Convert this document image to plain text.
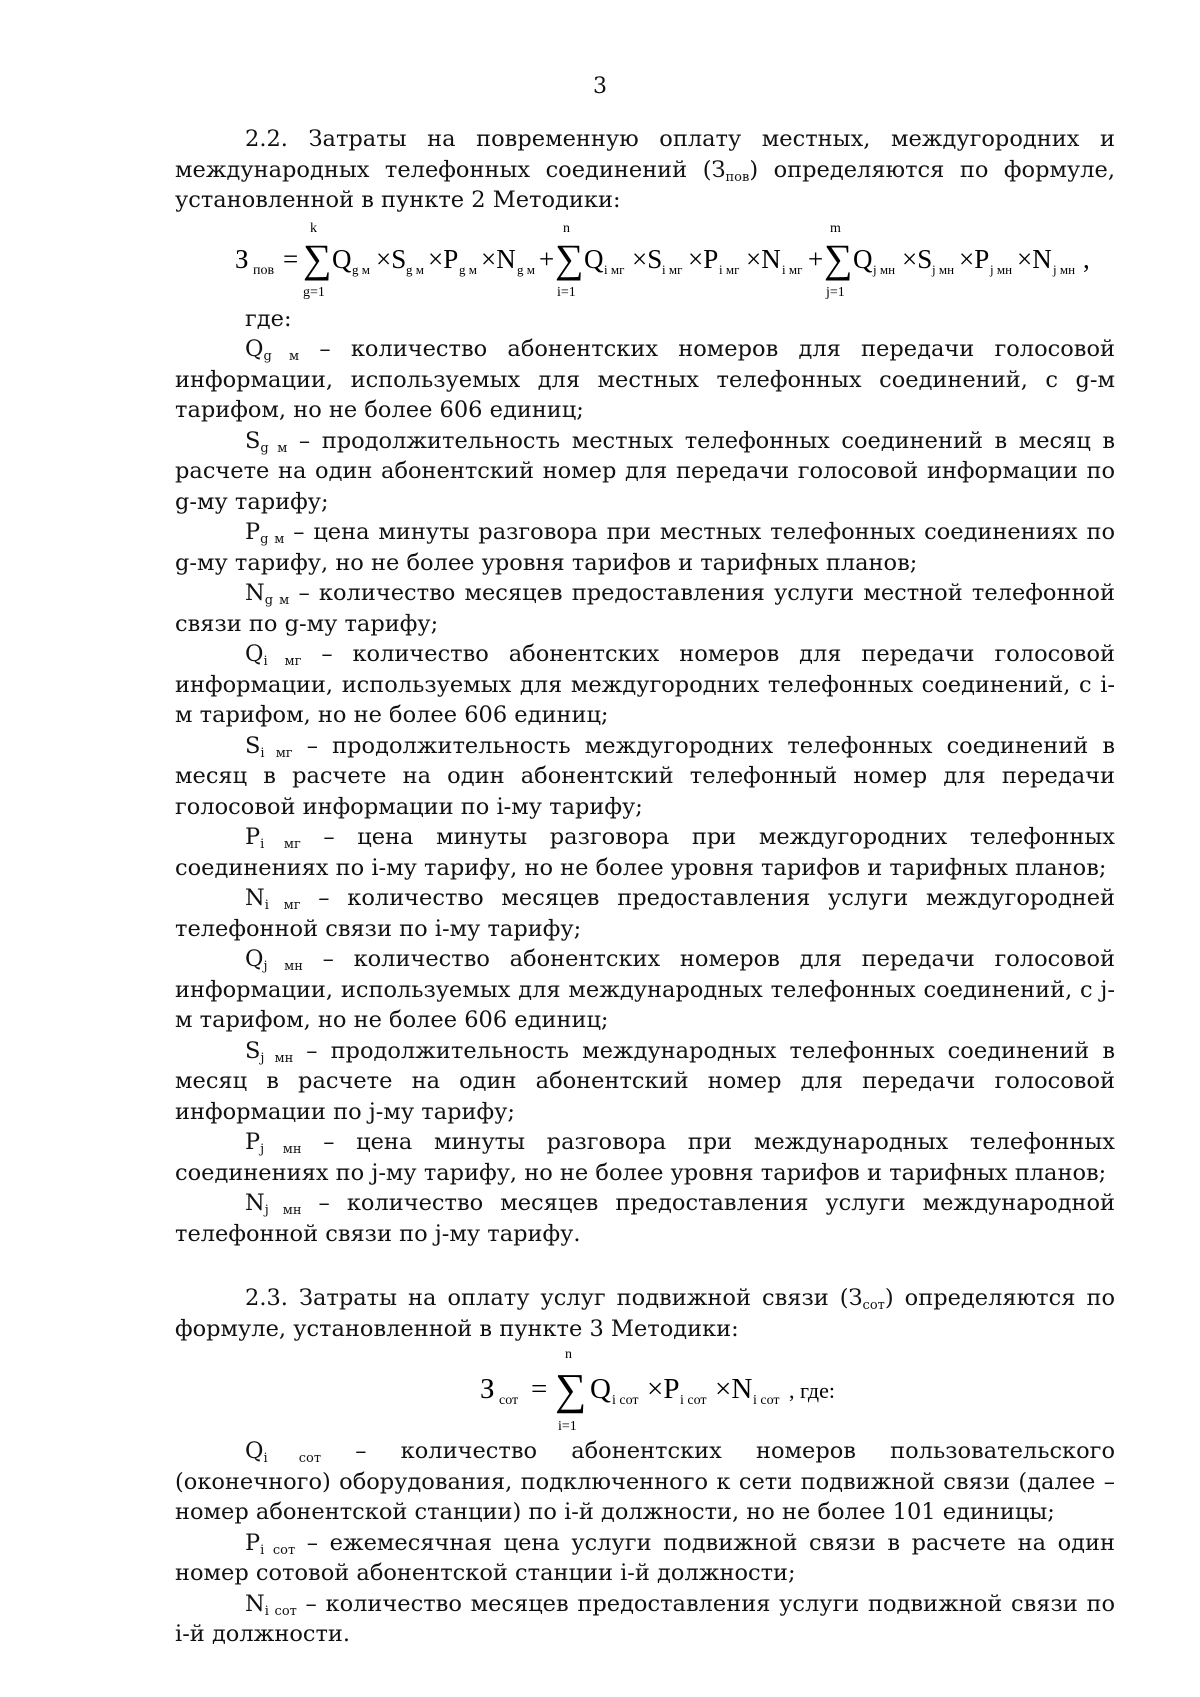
3

2.2. Затраты на повременную оплату местных, междугородних и международных телефонных соединений $(З_{пов})$ определяются по формуле, установленной в пункте 2 Методики:

З пов = ∑
k
g=1
Q g м ×S g м ×P g м ×N g м + ∑
n
i=1
Q i мг ×S i мг ×P i мг ×N i мг + ∑
m
j=1
Q j мн ×S j мн ×P j мн ×N j мн ,

где:

$Q_{g м}$ – количество абонентских номеров для передачи голосовой информации, используемых для местных телефонных соединений, с g-м тарифом, но не более 606 единиц;

$S_{g м}$ – продолжительность местных телефонных соединений в месяц в расчете на один абонентский номер для передачи голосовой информации по g-му тарифу;

$P_{g м}$ – цена минуты разговора при местных телефонных соединениях по g-му тарифу, но не более уровня тарифов и тарифных планов;

$N_{g м}$ – количество месяцев предоставления услуги местной телефонной связи по g-му тарифу;

$Q_{i мг}$ – количество абонентских номеров для передачи голосовой информации, используемых для междугородних телефонных соединений, с i-м тарифом, но не более 606 единиц;

$S_{i мг}$ – продолжительность междугородних телефонных соединений в месяц в расчете на один абонентский телефонный номер для передачи голосовой информации по i-му тарифу;

$P_{i мг}$ – цена минуты разговора при междугородних телефонных соединениях по i-му тарифу, но не более уровня тарифов и тарифных планов;

$N_{i мг}$ – количество месяцев предоставления услуги междугородней телефонной связи по i-му тарифу;

$Q_{j мн}$ – количество абонентских номеров для передачи голосовой информации, используемых для международных телефонных соединений, с j-м тарифом, но не более 606 единиц;

$S_{j мн}$ – продолжительность международных телефонных соединений в месяц в расчете на один абонентский номер для передачи голосовой информации по j-му тарифу;

$P_{j мн}$ – цена минуты разговора при международных телефонных соединениях по j-му тарифу, но не более уровня тарифов и тарифных планов;

$N_{j мн}$ – количество месяцев предоставления услуги международной телефонной связи по j-му тарифу.

2.3. Затраты на оплату услуг подвижной связи $(З_{сот})$ определяются по формуле, установленной в пункте 3 Методики:

З сот = ∑
n
i=1
Q i сот ×P i сот ×N i сот , где:

$Q_{i сот}$ – количество абонентских номеров пользовательского (оконечного) оборудования, подключенного к сети подвижной связи (далее – номер абонентской станции) по i-й должности, но не более 101 единицы;

$P_{i сот}$ – ежемесячная цена услуги подвижной связи в расчете на один номер сотовой абонентской станции i-й должности;

$N_{i сот}$ – количество месяцев предоставления услуги подвижной связи по i-й должности.
